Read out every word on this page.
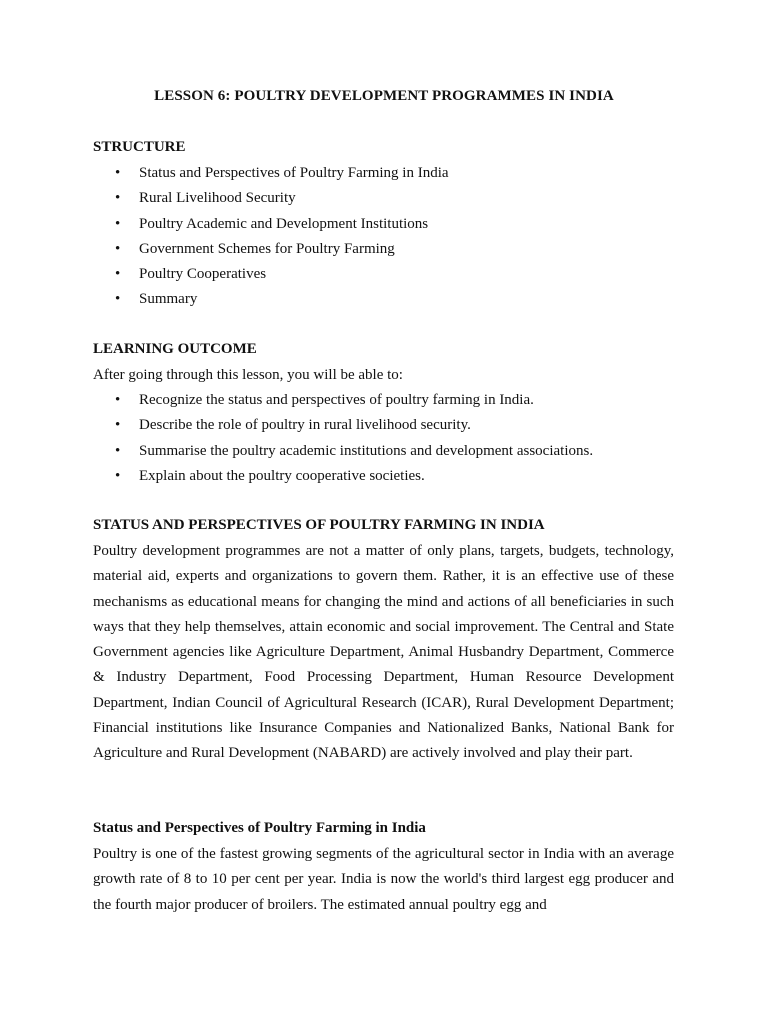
LESSON 6: POULTRY DEVELOPMENT PROGRAMMES IN INDIA
STRUCTURE
• Status and Perspectives of Poultry Farming in India
• Rural Livelihood Security
• Poultry Academic and Development Institutions
• Government Schemes for Poultry Farming
• Poultry Cooperatives
• Summary
LEARNING OUTCOME

After going through this lesson, you will be able to:

• Recognize the status and perspectives of poultry farming in India.
• Describe the role of poultry in rural livelihood security.
• Summarise the poultry academic institutions and development associations.
• Explain about the poultry cooperative societies.
STATUS AND PERSPECTIVES OF POULTRY FARMING IN INDIA

Poultry development programmes are not a matter of only plans, targets, budgets, technology, material aid, experts and organizations to govern them. Rather, it is an effective use of these mechanisms as educational means for changing the mind and actions of all beneficiaries in such ways that they help themselves, attain economic and social improvement. The Central and State Government agencies like Agriculture Department, Animal Husbandry Department, Commerce & Industry Department, Food Processing Department, Human Resource Development Department, Indian Council of Agricultural Research (ICAR), Rural Development Department; Financial institutions like Insurance Companies and Nationalized Banks, National Bank for Agriculture and Rural Development (NABARD) are actively involved and play their part.

Status and Perspectives of Poultry Farming in India

Poultry is one of the fastest growing segments of the agricultural sector in India with an average growth rate of 8 to 10 per cent per year. India is now the world's third largest egg producer and the fourth major producer of broilers. The estimated annual poultry egg and
